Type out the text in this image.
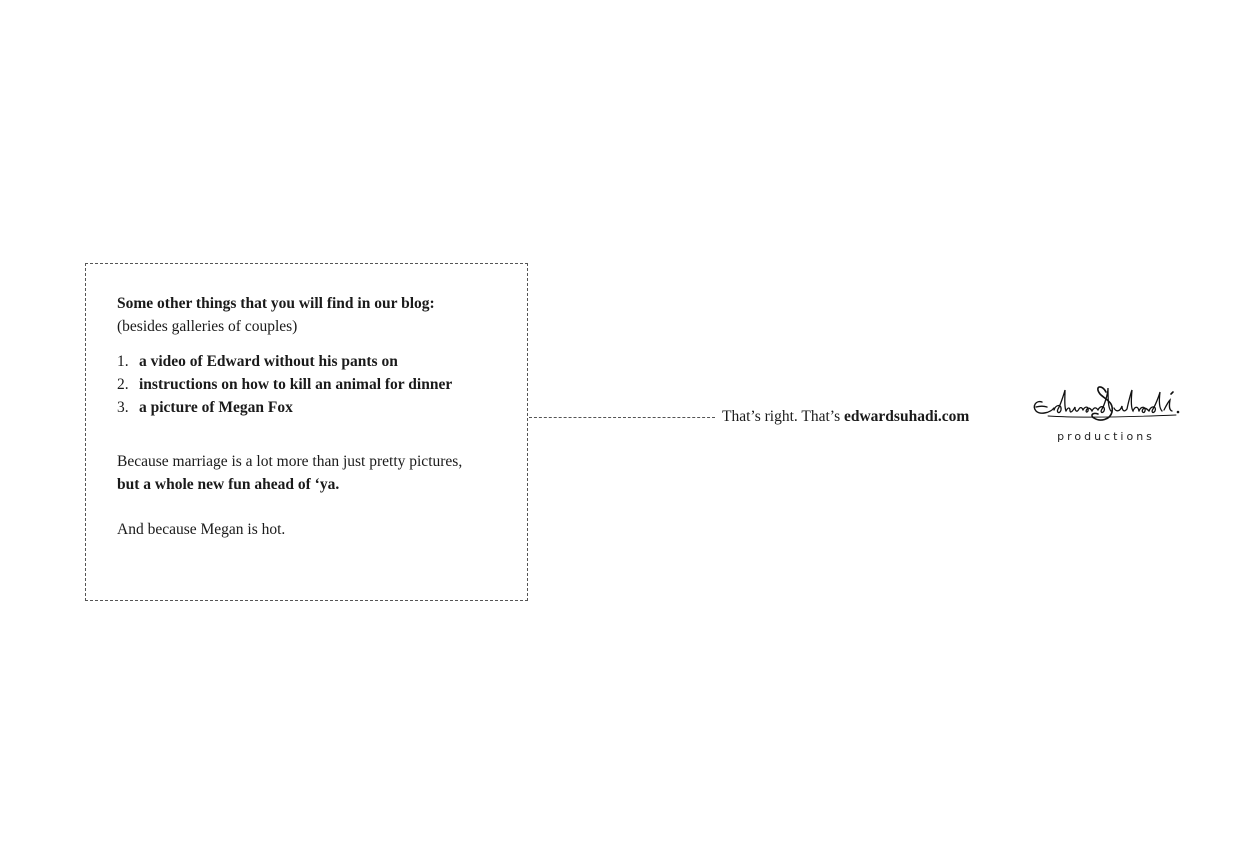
Some other things that you will find in our blog:

(besides galleries of couples)

1. a video of Edward without his pants on
2. instructions on how to kill an animal for dinner
3. a picture of Megan Fox

Because marriage is a lot more than just pretty pictures,
but a whole new fun ahead of ‘ya.

And because Megan is hot.

That’s right. That’s edwardsuhadi.com
productions
